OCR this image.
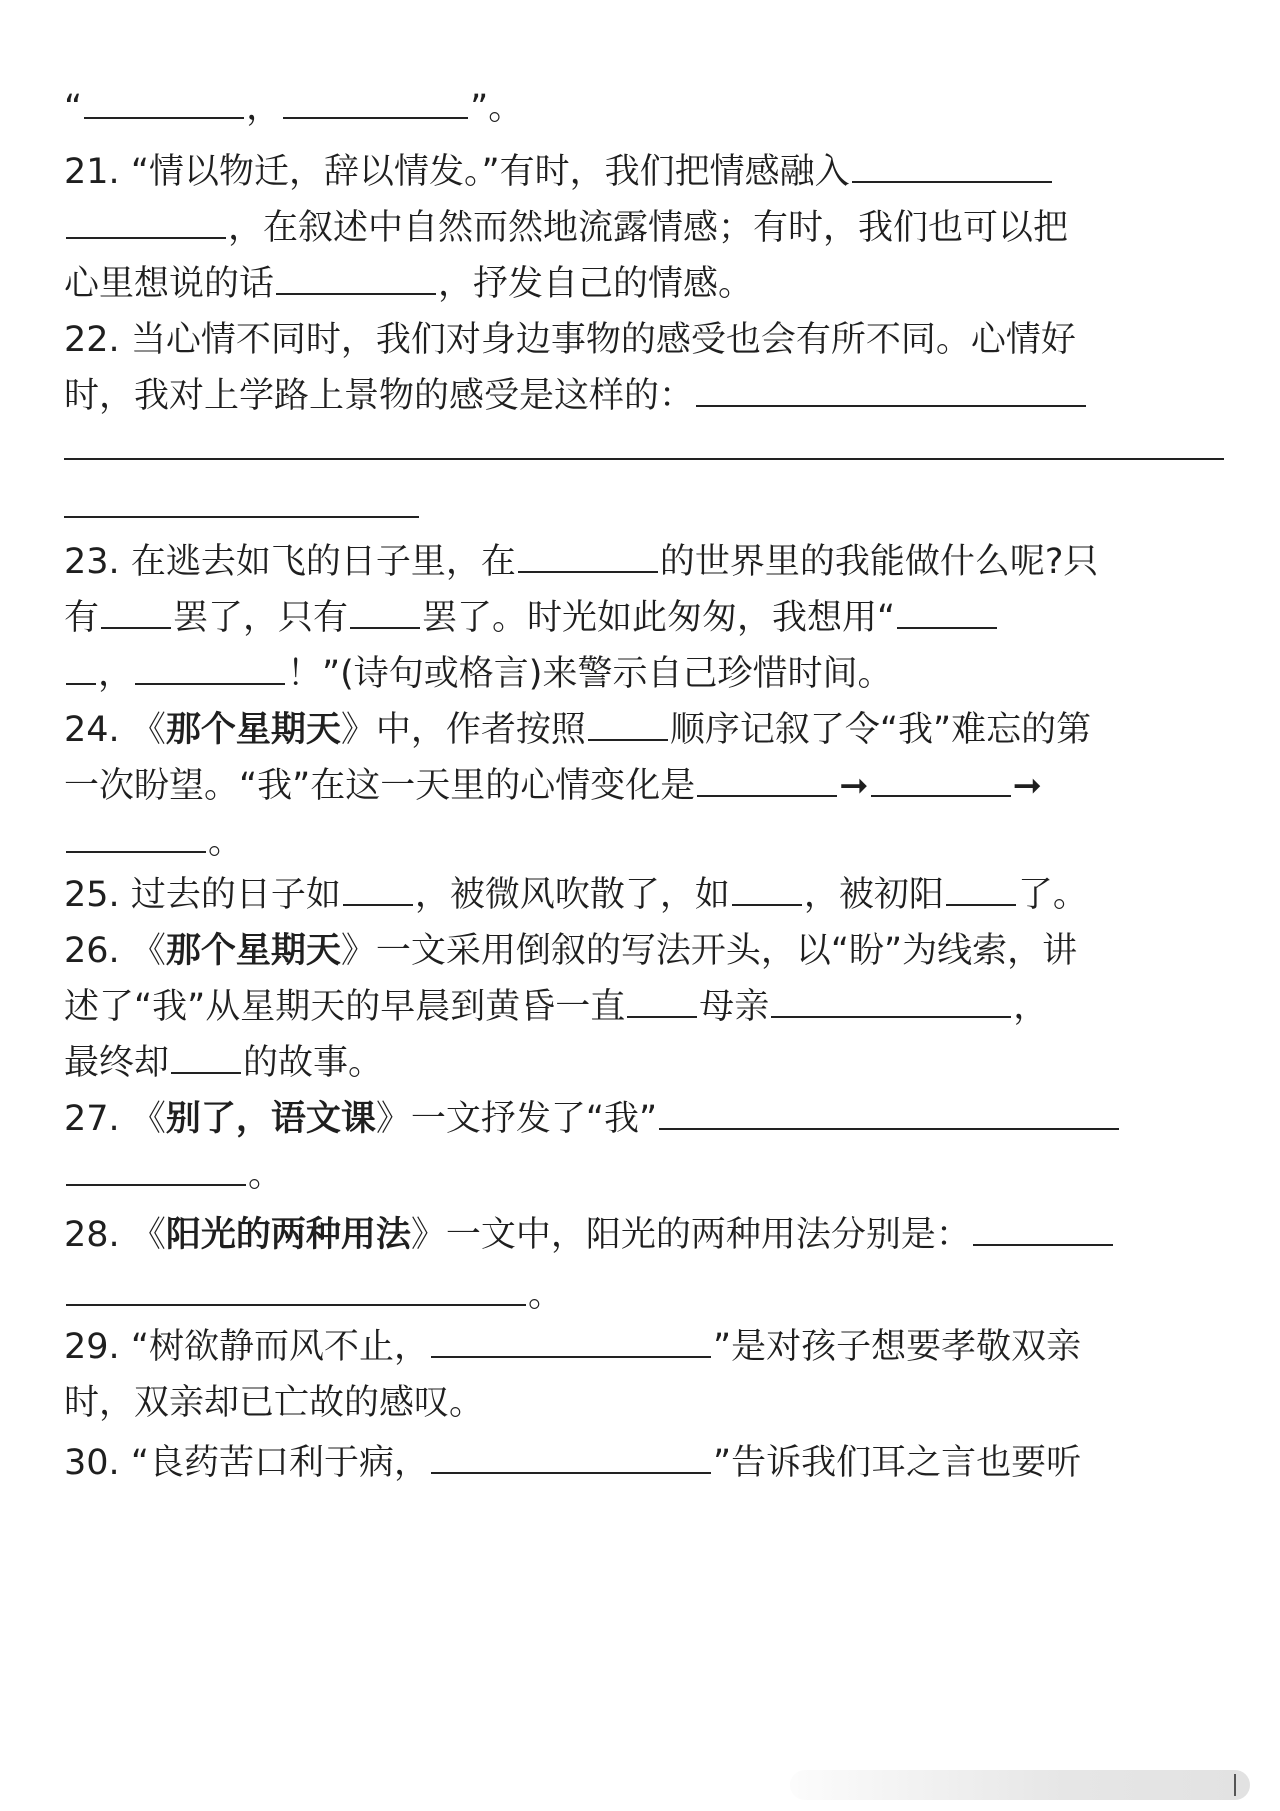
“	，	”。
21. “情以物迁，辞以情发。”有时，我们把情感融入
，在叙述中自然而然地流露情感；有时，我们也可以把
心里想说的话	，抒发自己的情感。
22. 当心情不同时，我们对身边事物的感受也会有所不同。心情好
时，我对上学路上景物的感受是这样的：
23. 在逃去如飞的日子里，在	的世界里的我能做什么呢?只
有 罢了，只有 罢了。时光如此匆匆，我想用“
，	！”(诗句或格言)来警示自己珍惜时间。
24. 《那个星期天》中，作者按照 顺序记叙了令“我”难忘的第
一次盼望。“我”在这一天里的心情变化是	➞	➞
。
25. 过去的日子如 ，被微风吹散了，如 ，被初阳 了。
26. 《那个星期天》一文采用倒叙的写法开头，以“盼”为线索，讲
述了“我”从星期天的早晨到黄昏一直 母亲	，
最终却 的故事。
27. 《别了，语文课》一文抒发了“我”
。
28. 《阳光的两种用法》一文中，阳光的两种用法分别是：
。
29. “树欲静而风不止，	”是对孩子想要孝敬双亲
时，双亲却已亡故的感叹。
30. “良药苦口利于病，	”告诉我们耳之言也要听
